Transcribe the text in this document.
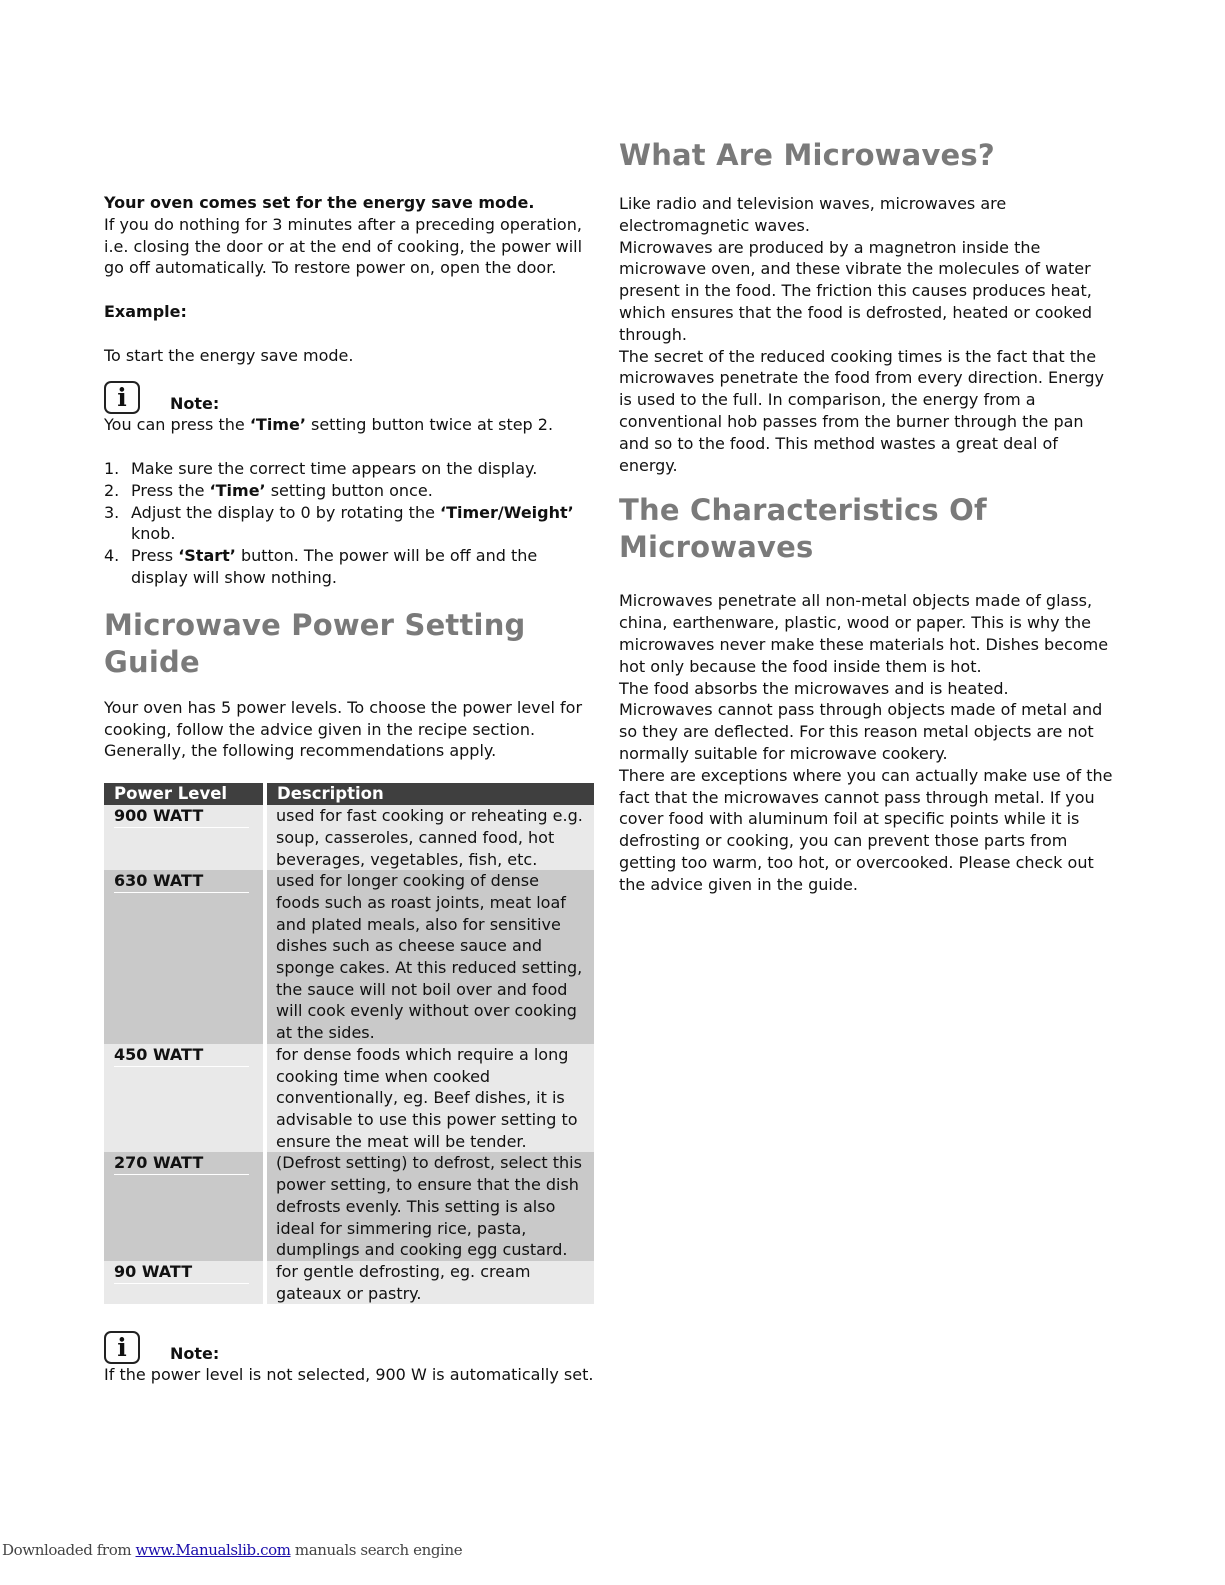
Your oven comes set for the energy save mode.

If you do nothing for 3 minutes after a preceding operation, i.e. closing the door or at the end of cooking, the power will go off automatically. To restore power on, open the door.

Example:

To start the energy save mode.

i	Note:

You can press the ‘Time’ setting button twice at step 2.

1. Make sure the correct time appears on the display.
2. Press the ‘Time’ setting button once.
3. Adjust the display to 0 by rotating the ‘Timer/Weight’ knob.
4. Press ‘Start’ button. The power will be off and the display will show nothing.
Microwave Power Setting Guide

Your oven has 5 power levels. To choose the power level for cooking, follow the advice given in the recipe section. Generally, the following recommendations apply.

Power Level	Description
900 WATT	used for fast cooking or reheating e.g. soup, casseroles, canned food, hot beverages, vegetables, fish, etc.
630 WATT	used for longer cooking of dense foods such as roast joints, meat loaf and plated meals, also for sensitive dishes such as cheese sauce and sponge cakes. At this reduced setting, the sauce will not boil over and food will cook evenly without over cooking at the sides.
450 WATT	for dense foods which require a long cooking time when cooked conventionally, eg. Beef dishes, it is advisable to use this power setting to ensure the meat will be tender.
270 WATT	(Defrost setting) to defrost, select this power setting, to ensure that the dish defrosts evenly. This setting is also ideal for simmering rice, pasta, dumplings and cooking egg custard.
90 WATT	for gentle defrosting, eg. cream gateaux or pastry.
i	Note:

If the power level is not selected, 900 W is automatically set.

What Are Microwaves?

Like radio and television waves, microwaves are electromagnetic waves.

Microwaves are produced by a magnetron inside the microwave oven, and these vibrate the molecules of water present in the food. The friction this causes produces heat, which ensures that the food is defrosted, heated or cooked through.

The secret of the reduced cooking times is the fact that the microwaves penetrate the food from every direction. Energy is used to the full. In comparison, the energy from a conventional hob passes from the burner through the pan and so to the food. This method wastes a great deal of energy.

The Characteristics Of
Microwaves

Microwaves penetrate all non-metal objects made of glass, china, earthenware, plastic, wood or paper. This is why the microwaves never make these materials hot. Dishes become hot only because the food inside them is hot.

The food absorbs the microwaves and is heated.

Microwaves cannot pass through objects made of metal and so they are deflected. For this reason metal objects are not normally suitable for microwave cookery.

There are exceptions where you can actually make use of the fact that the microwaves cannot pass through metal. If you cover food with aluminum foil at specific points while it is defrosting or cooking, you can prevent those parts from getting too warm, too hot, or overcooked. Please check out the advice given in the guide.

Downloaded from www.Manualslib.com manuals search engine
